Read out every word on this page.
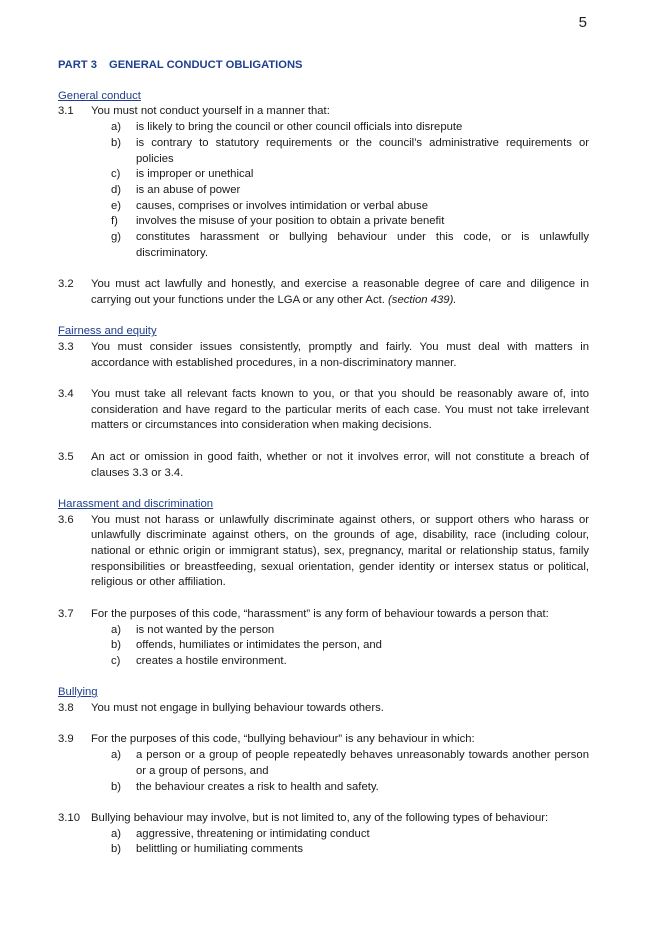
5
PART 3 GENERAL CONDUCT OBLIGATIONS
General conduct
3.1	You must not conduct yourself in a manner that:
a)	is likely to bring the council or other council officials into disrepute
b)	is contrary to statutory requirements or the council’s administrative requirements or policies
c)	is improper or unethical
d)	is an abuse of power
e)	causes, comprises or involves intimidation or verbal abuse
f)	involves the misuse of your position to obtain a private benefit
g)	constitutes harassment or bullying behaviour under this code, or is unlawfully discriminatory.
3.2	You must act lawfully and honestly, and exercise a reasonable degree of care and diligence in carrying out your functions under the LGA or any other Act. (section 439).
Fairness and equity
3.3	You must consider issues consistently, promptly and fairly. You must deal with matters in accordance with established procedures, in a non-discriminatory manner.
3.4	You must take all relevant facts known to you, or that you should be reasonably aware of, into consideration and have regard to the particular merits of each case. You must not take irrelevant matters or circumstances into consideration when making decisions.
3.5	An act or omission in good faith, whether or not it involves error, will not constitute a breach of clauses 3.3 or 3.4.
Harassment and discrimination
3.6	You must not harass or unlawfully discriminate against others, or support others who harass or unlawfully discriminate against others, on the grounds of age, disability, race (including colour, national or ethnic origin or immigrant status), sex, pregnancy, marital or relationship status, family responsibilities or breastfeeding, sexual orientation, gender identity or intersex status or political, religious or other affiliation.
3.7	For the purposes of this code, “harassment” is any form of behaviour towards a person that:
a)	is not wanted by the person
b)	offends, humiliates or intimidates the person, and
c)	creates a hostile environment.
Bullying
3.8	You must not engage in bullying behaviour towards others.
3.9	For the purposes of this code, “bullying behaviour” is any behaviour in which:
a)	a person or a group of people repeatedly behaves unreasonably towards another person or a group of persons, and
b)	the behaviour creates a risk to health and safety.
3.10 Bullying behaviour may involve, but is not limited to, any of the following types of behaviour:
a)	aggressive, threatening or intimidating conduct
b)	belittling or humiliating comments
